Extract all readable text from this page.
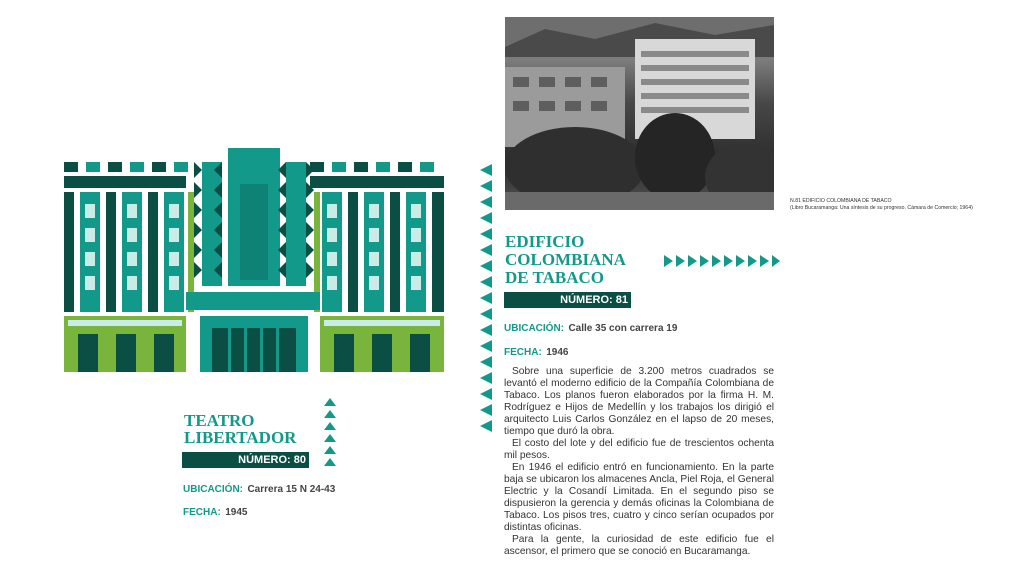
TEATRO
LIBERTADOR
NÚMERO: 80
UBICACIÓN: Carrera 15 N 24-43
FECHA: 1945
N.81 EDIFICIO COLOMBIANA DE TABACO
(Libro Bucaramanga: Una síntesis de su progreso. Cámara de Comercio; 1964)
EDIFICIO
COLOMBIANA
DE TABACO
NÚMERO: 81
UBICACIÓN: Calle 35 con carrera 19
FECHA: 1946

Sobre una superficie de 3.200 metros cuadrados se levantó el moderno edificio de la Compañía Colombiana de Tabaco. Los planos fueron elaborados por la firma H. M. Rodríguez e Hijos de Medellín y los trabajos los dirigió el arquitecto Luis Carlos González en el lapso de 20 meses, tiempo que duró la obra.

El costo del lote y del edificio fue de trescientos ochenta mil pesos.

En 1946 el edificio entró en funcionamiento. En la parte baja se ubicaron los almacenes Ancla, Piel Roja, el General Electric y la Cosandí Limitada. En el segundo piso se dispusieron la gerencia y demás oficinas la Colombiana de Tabaco. Los pisos tres, cuatro y cinco serían ocupados por distintas oficinas.

Para la gente, la curiosidad de este edificio fue el ascensor, el primero que se conoció en Bucaramanga.
